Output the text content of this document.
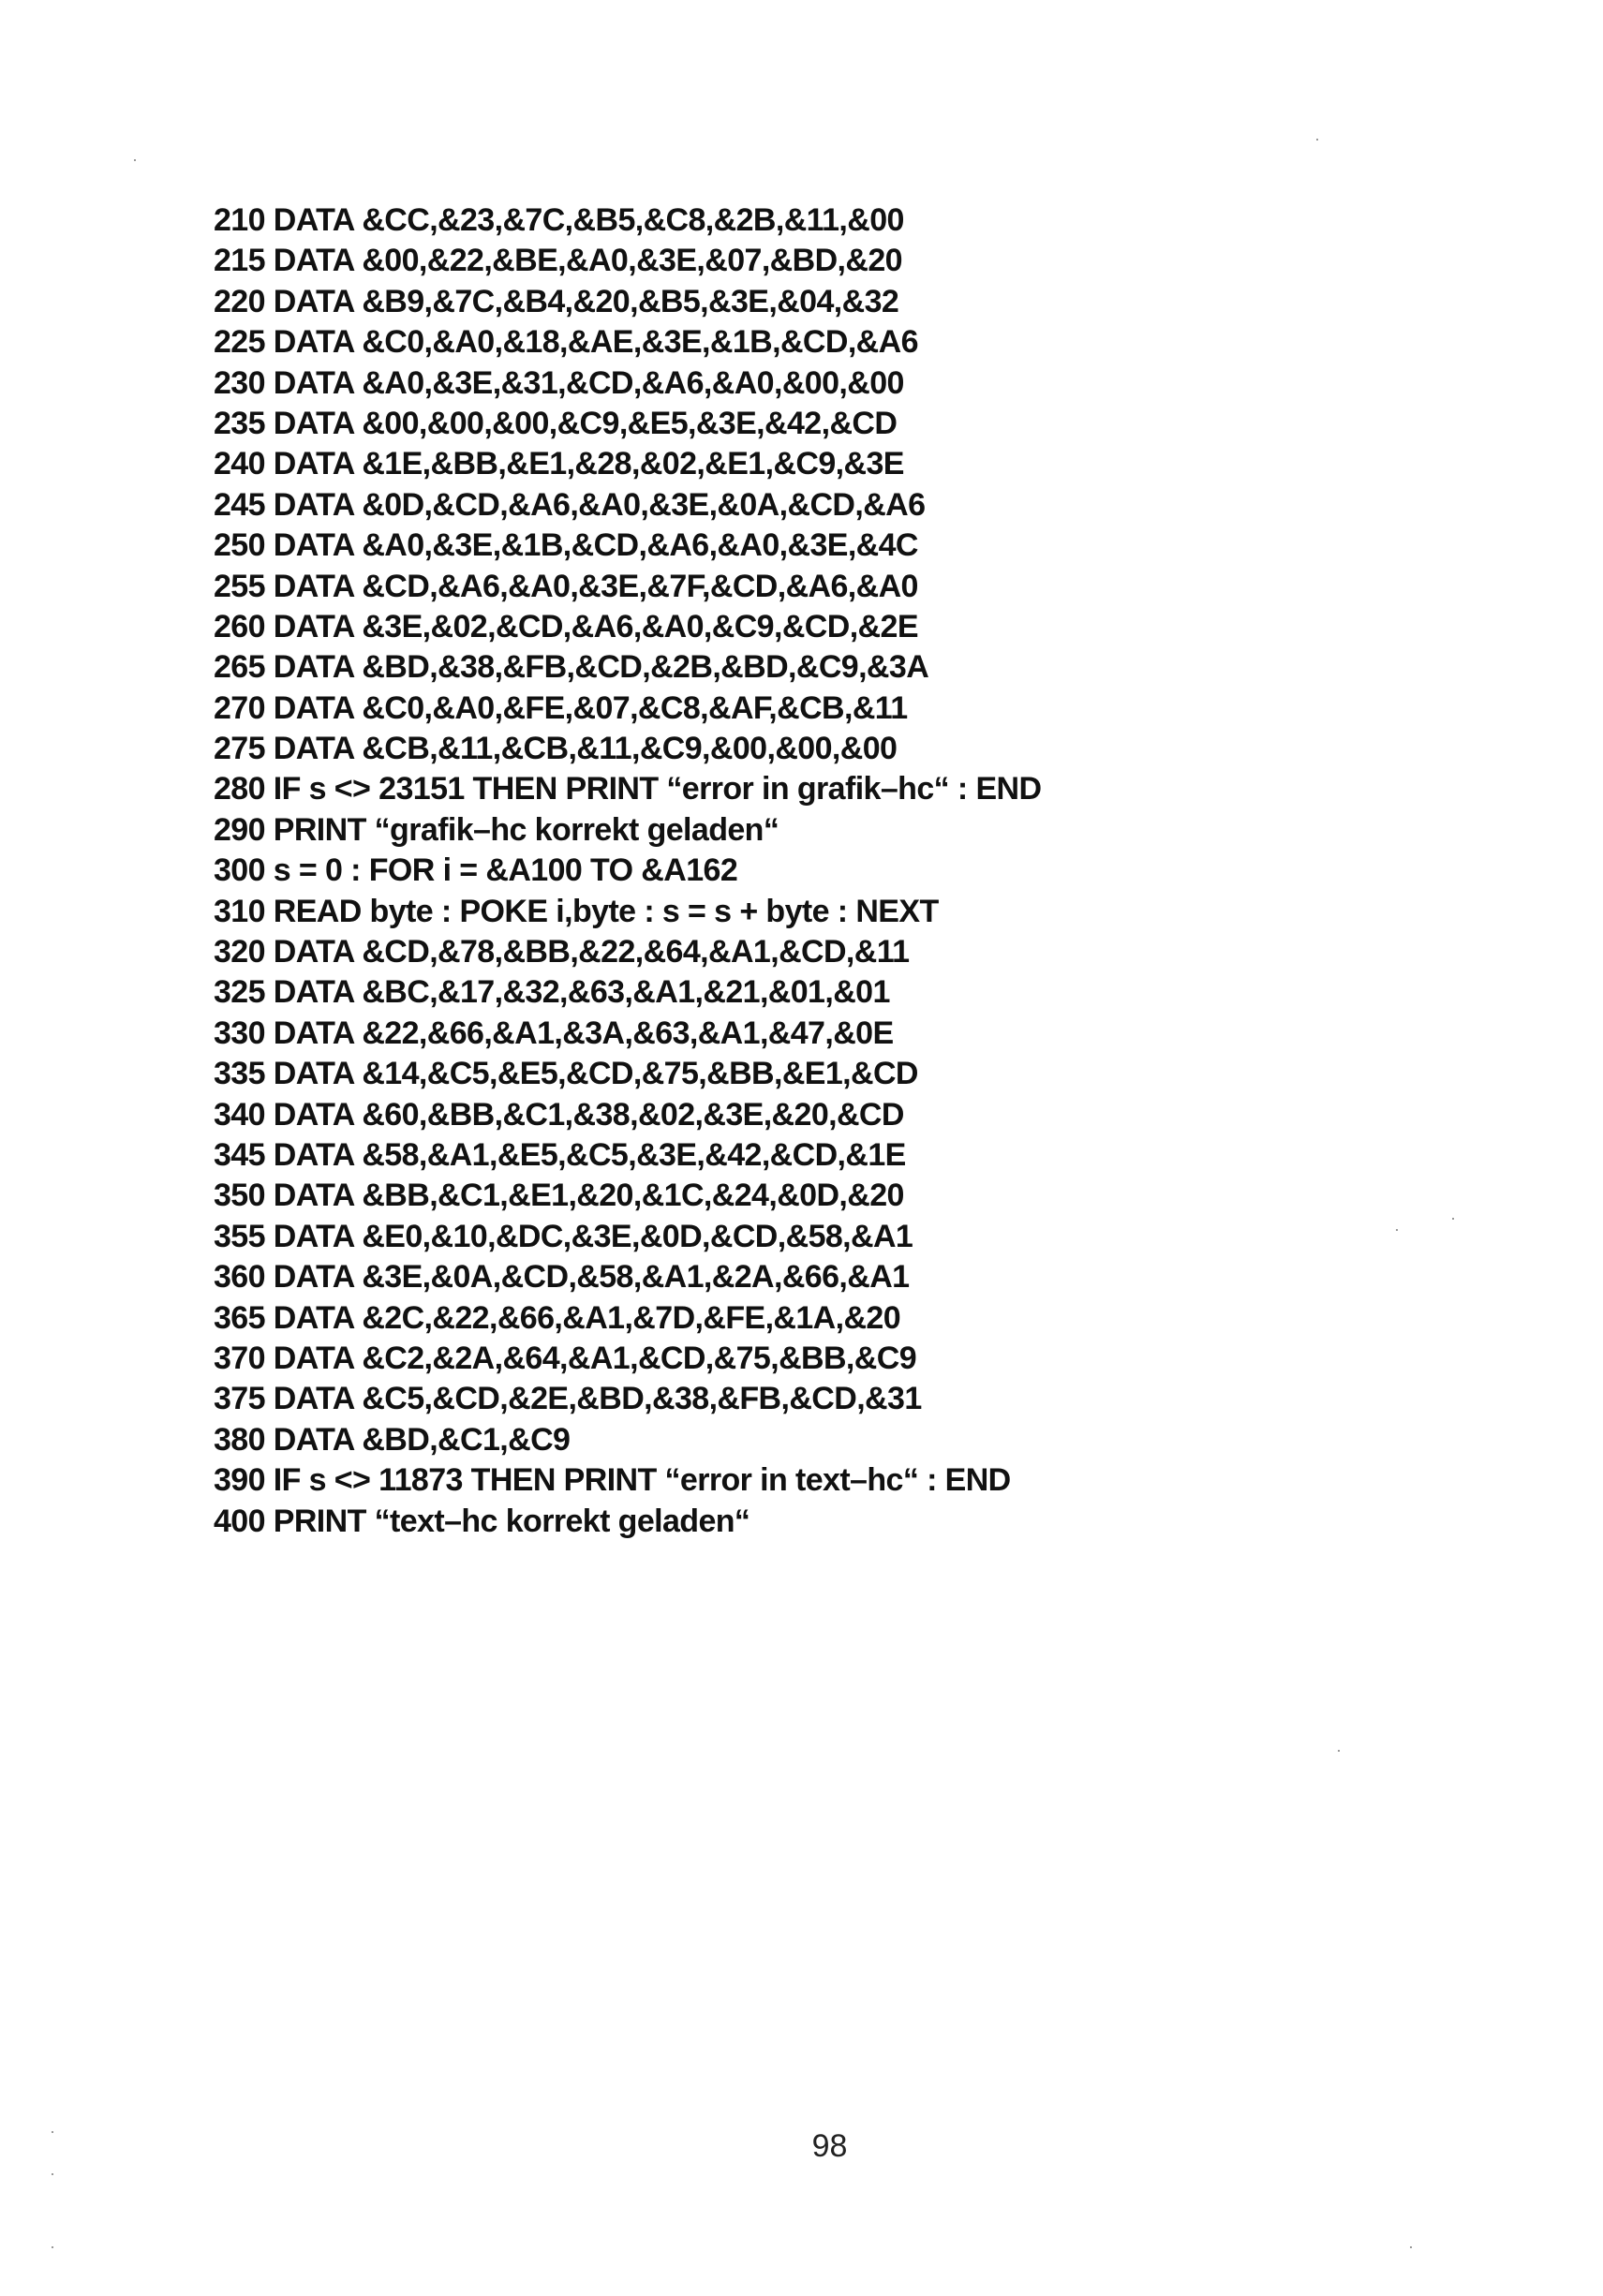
210 DATA &CC,&23,&7C,&B5,&C8,&2B,&11,&00
215 DATA &00,&22,&BE,&A0,&3E,&07,&BD,&20
220 DATA &B9,&7C,&B4,&20,&B5,&3E,&04,&32
225 DATA &C0,&A0,&18,&AE,&3E,&1B,&CD,&A6
230 DATA &A0,&3E,&31,&CD,&A6,&A0,&00,&00
235 DATA &00,&00,&00,&C9,&E5,&3E,&42,&CD
240 DATA &1E,&BB,&E1,&28,&02,&E1,&C9,&3E
245 DATA &0D,&CD,&A6,&A0,&3E,&0A,&CD,&A6
250 DATA &A0,&3E,&1B,&CD,&A6,&A0,&3E,&4C
255 DATA &CD,&A6,&A0,&3E,&7F,&CD,&A6,&A0
260 DATA &3E,&02,&CD,&A6,&A0,&C9,&CD,&2E
265 DATA &BD,&38,&FB,&CD,&2B,&BD,&C9,&3A
270 DATA &C0,&A0,&FE,&07,&C8,&AF,&CB,&11
275 DATA &CB,&11,&CB,&11,&C9,&00,&00,&00
280 IF s <> 23151 THEN PRINT “error in grafik–hc“ : END
290 PRINT “grafik–hc korrekt geladen“
300 s = 0 : FOR i = &A100 TO &A162
310 READ byte : POKE i,byte : s = s + byte : NEXT
320 DATA &CD,&78,&BB,&22,&64,&A1,&CD,&11
325 DATA &BC,&17,&32,&63,&A1,&21,&01,&01
330 DATA &22,&66,&A1,&3A,&63,&A1,&47,&0E
335 DATA &14,&C5,&E5,&CD,&75,&BB,&E1,&CD
340 DATA &60,&BB,&C1,&38,&02,&3E,&20,&CD
345 DATA &58,&A1,&E5,&C5,&3E,&42,&CD,&1E
350 DATA &BB,&C1,&E1,&20,&1C,&24,&0D,&20
355 DATA &E0,&10,&DC,&3E,&0D,&CD,&58,&A1
360 DATA &3E,&0A,&CD,&58,&A1,&2A,&66,&A1
365 DATA &2C,&22,&66,&A1,&7D,&FE,&1A,&20
370 DATA &C2,&2A,&64,&A1,&CD,&75,&BB,&C9
375 DATA &C5,&CD,&2E,&BD,&38,&FB,&CD,&31
380 DATA &BD,&C1,&C9
390 IF s <> 11873 THEN PRINT “error in text–hc“ : END
400 PRINT “text–hc korrekt geladen“
98
